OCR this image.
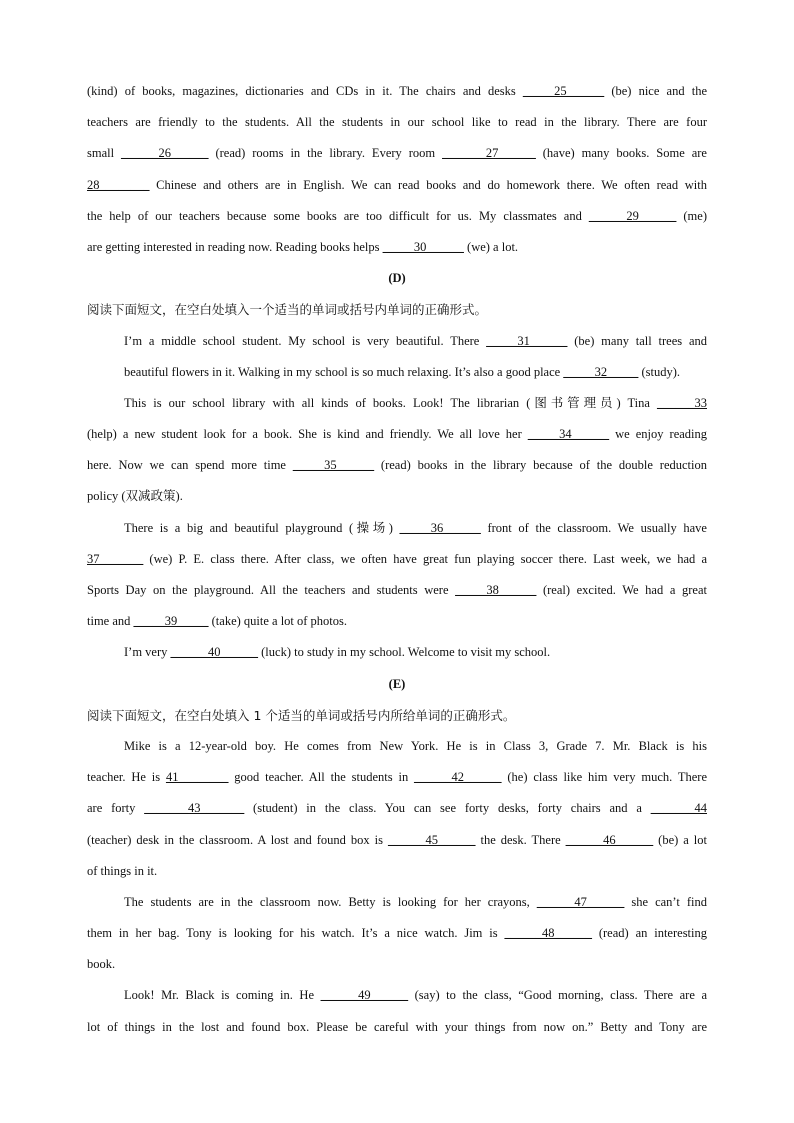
(kind) of books, magazines, dictionaries and CDs in it. The chairs and desks _____25______ (be) nice and the
teachers are friendly to the students. All the students in our school like to read in the library. There are four
small ______26______ (read) rooms in the library. Every room _______27______ (have) many books. Some are
28________ Chinese and others are in English. We can read books and do homework there. We often read with
the help of our teachers because some books are too difficult for us. My classmates and ______29______ (me)
are getting interested in reading now. Reading books helps _____30______ (we) a lot.
(D)
阅读下面短文，在空白处填入一个适当的单词或括号内单词的正确形式。
I’m a middle school student. My school is very beautiful. There _____31______ (be) many tall trees and
beautiful flowers in it. Walking in my school is so much relaxing. It’s also a good place _____32_____ (study).
This is our school library with all kinds of books. Look! The librarian (图书管理员) Tina ______33
(help) a new student look for a book. She is kind and friendly. We all love her _____34______ we enjoy reading
here. Now we can spend more time _____35______ (read) books in the library because of the double reduction
policy (双减政策).
There is a big and beautiful playground (操场) _____36______ front of the classroom. We usually have
37_______ (we) P. E. class there. After class, we often have great fun playing soccer there. Last week, we had a
Sports Day on the playground. All the teachers and students were _____38______ (real) excited. We had a great
time and _____39_____ (take) quite a lot of photos.
I’m very ______40______ (luck) to study in my school. Welcome to visit my school.
(E)
阅读下面短文，在空白处填入 1 个适当的单词或括号内所给单词的正确形式。
Mike is a 12-year-old boy. He comes from New York. He is in Class 3, Grade 7. Mr. Black is his
teacher. He is 41________ good teacher. All the students in ______42______ (he) class like him very much. There
are forty _______43_______ (student) in the class. You can see forty desks, forty chairs and a _______44
(teacher) desk in the classroom. A lost and found box is ______45______ the desk. There ______46______ (be) a lot
of things in it.
The students are in the classroom now. Betty is looking for her crayons, ______47______ she can’t find
them in her bag. Tony is looking for his watch. It’s a nice watch. Jim is ______48______ (read) an interesting
book.
Look! Mr. Black is coming in. He ______49______ (say) to the class, “Good morning, class. There are a
lot of things in the lost and found box. Please be careful with your things from now on.” Betty and Tony are
